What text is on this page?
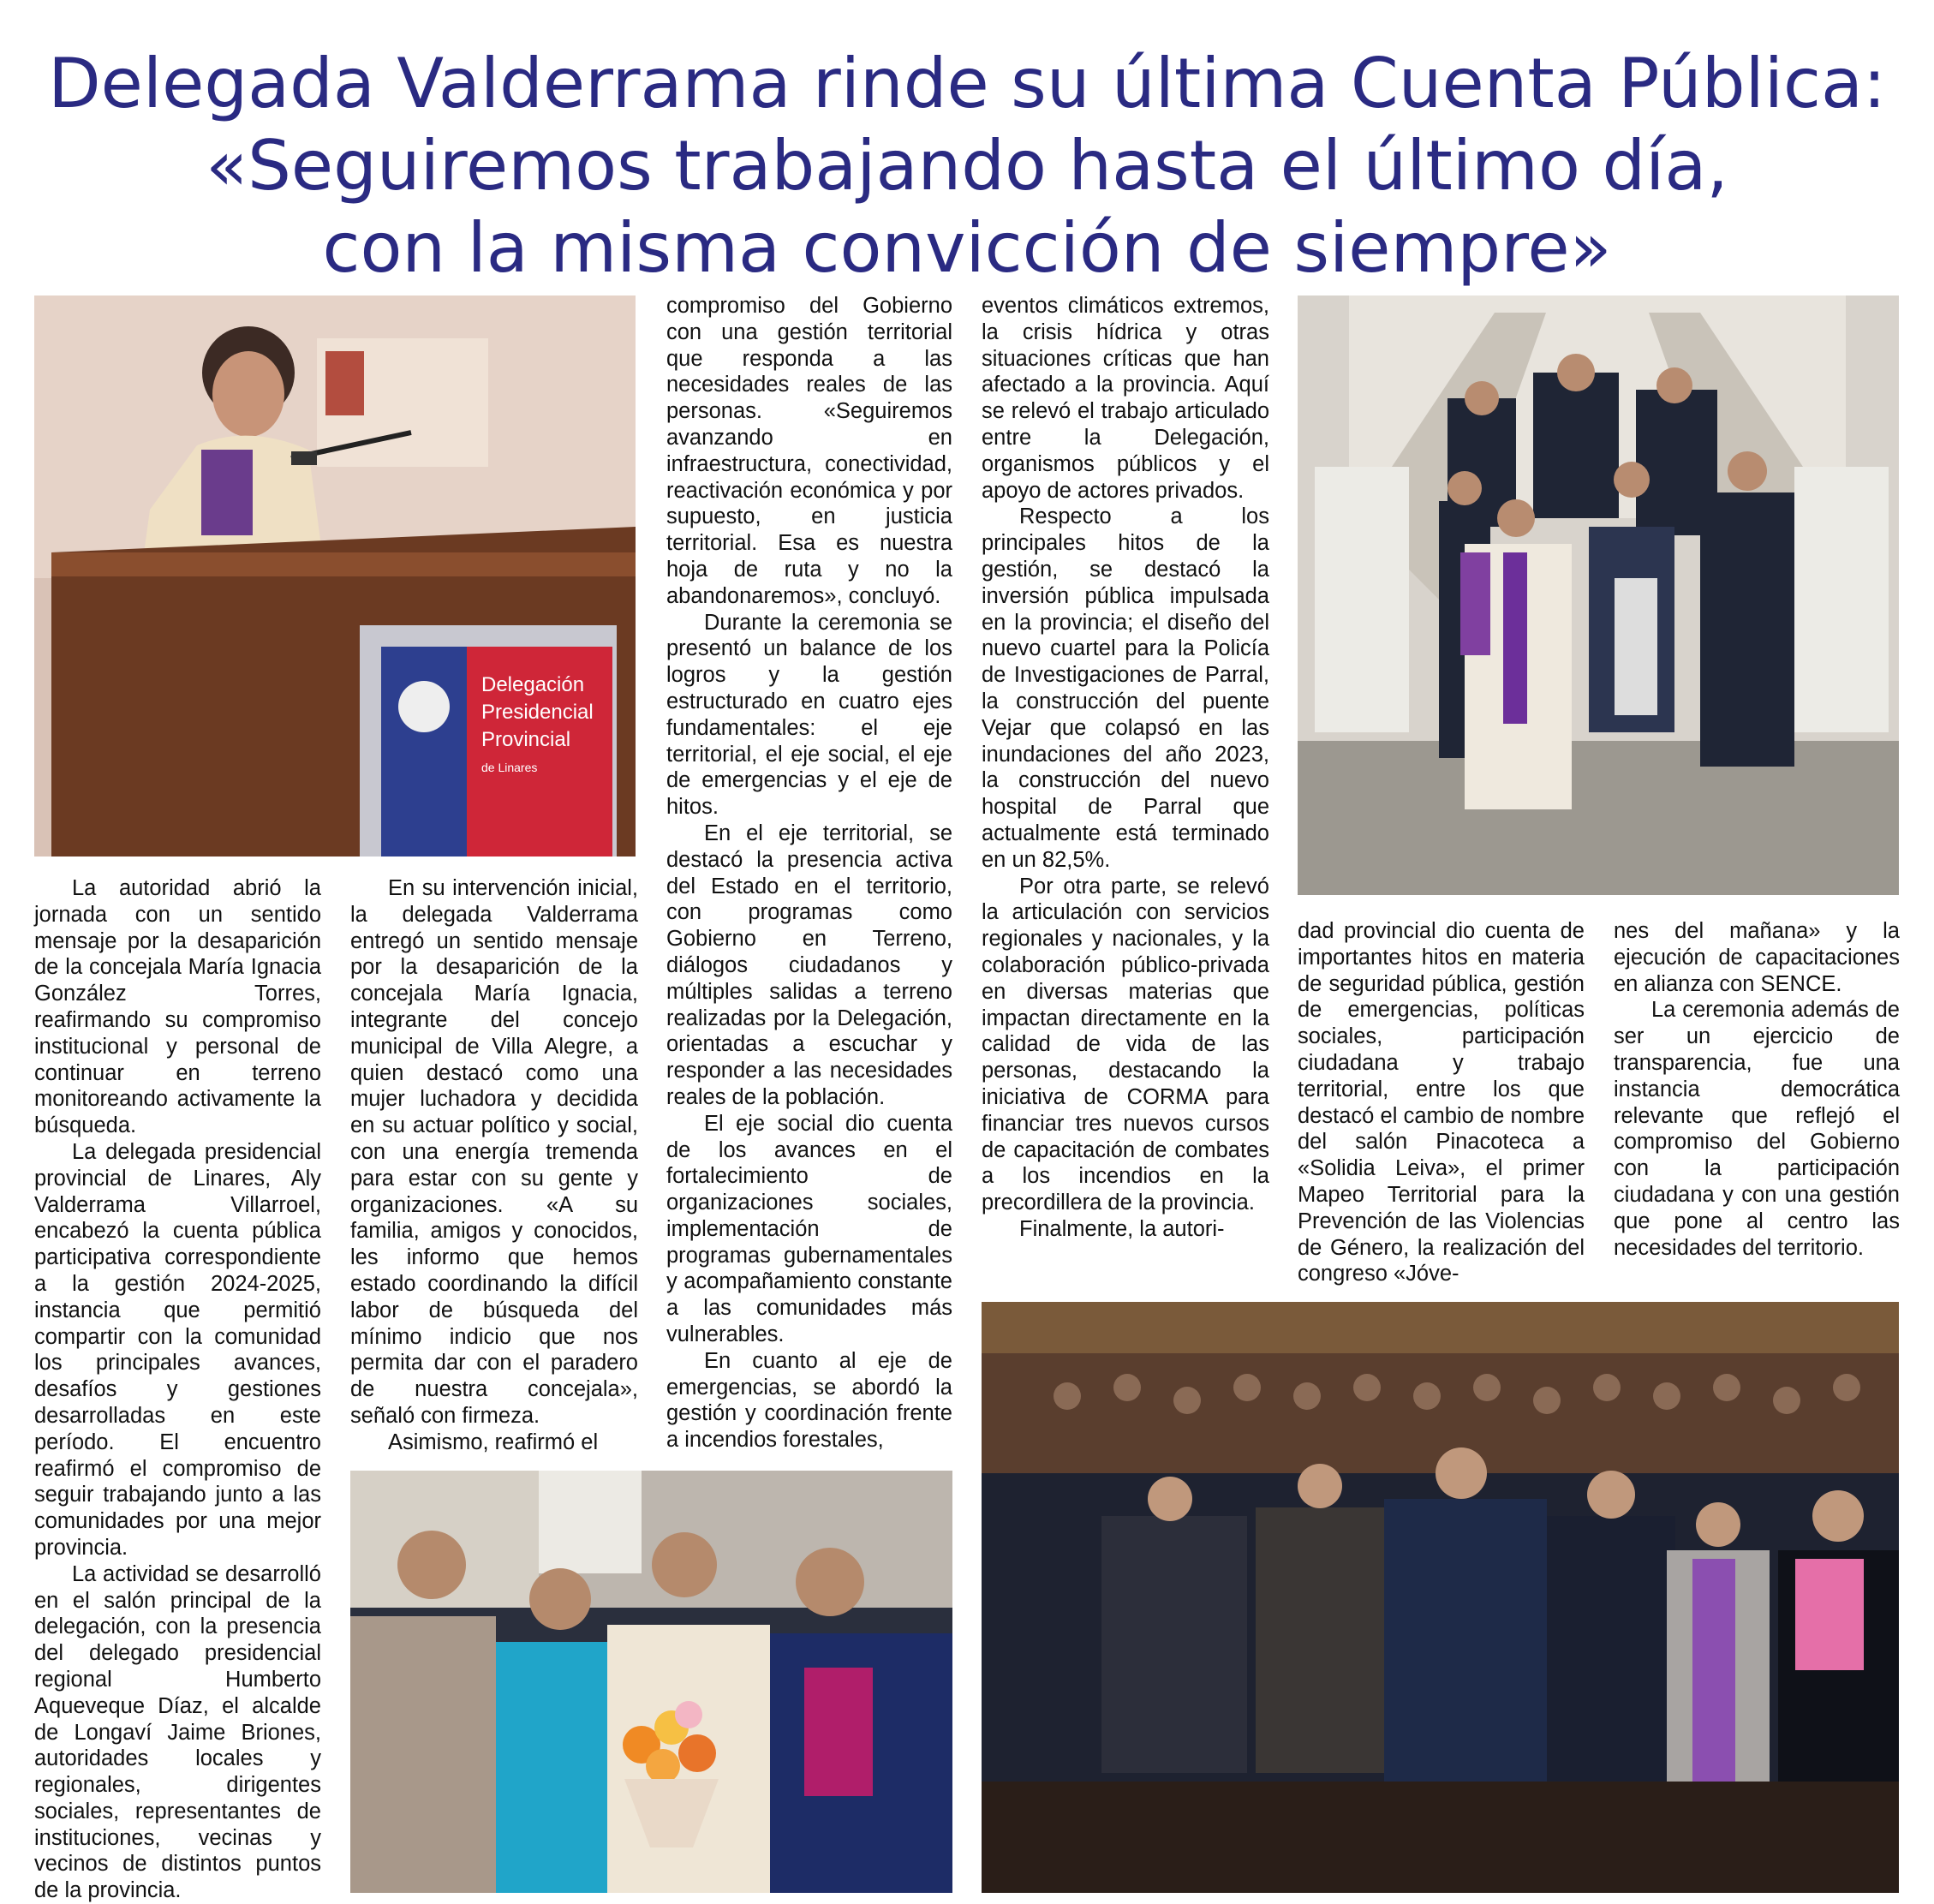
Delegada Valderrama rinde su última Cuenta Pública:
«Seguiremos trabajando hasta el último día,
con la misma convicción de siempre»
Delegación
Presidencial
Provincial
de Linares

La autoridad abrió la jornada con un sentido mensaje por la desaparición de la concejala María Ignacia González Torres, reafirmando su compromiso institucional y personal de continuar en terreno monitoreando activamente la búsqueda.

La delegada presidencial provincial de Linares, Aly Valderrama Villarroel, encabezó la cuenta pública participativa correspondiente a la gestión 2024-2025, instancia que permitió compartir con la comunidad los principales avances, desafíos y gestiones desarrolladas en este período. El encuentro reafirmó el compromiso de seguir trabajando junto a las comunidades por una mejor provincia.

La actividad se desarrolló en el salón principal de la delegación, con la presencia del delegado presidencial regional Humberto Aqueveque Díaz, el alcalde de Longaví Jaime Briones, autoridades locales y regionales, dirigentes sociales, representantes de instituciones, vecinas y vecinos de distintos puntos de la provincia.

En su intervención inicial, la delegada Valderrama entregó un sentido mensaje por la desaparición de la concejala María Ignacia, integrante del concejo municipal de Villa Alegre, a quien destacó como una mujer luchadora y decidida en su actuar político y social, con una energía tremenda para estar con su gente y organizaciones. «A su familia, amigos y conocidos, les informo que hemos estado coordinando la difícil labor de búsqueda del mínimo indicio que nos permita dar con el paradero de nuestra concejala», señaló con firmeza.

Asimismo, reafirmó el

compromiso del Gobierno con una gestión territorial que responda a las necesidades reales de las personas. «Seguiremos avanzando en infraestructura, conectividad, reactivación económica y por supuesto, en justicia territorial. Esa es nuestra hoja de ruta y no la abandonaremos», concluyó.

Durante la ceremonia se presentó un balance de los logros y la gestión estructurado en cuatro ejes fundamentales: el eje territorial, el eje social, el eje de emergencias y el eje de hitos.

En el eje territorial, se destacó la presencia activa del Estado en el territorio, con programas como Gobierno en Terreno, diálogos ciudadanos y múltiples salidas a terreno realizadas por la Delegación, orientadas a escuchar y responder a las necesidades reales de la población.

El eje social dio cuenta de los avances en el fortalecimiento de organizaciones sociales, implementación de programas gubernamentales y acompañamiento constante a las comunidades más vulnerables.

En cuanto al eje de emergencias, se abordó la gestión y coordinación frente a incendios forestales,

eventos climáticos extremos, la crisis hídrica y otras situaciones críticas que han afectado a la provincia. Aquí se relevó el trabajo articulado entre la Delegación, organismos públicos y el apoyo de actores privados.

Respecto a los principales hitos de la gestión, se destacó la inversión pública impulsada en la provincia; el diseño del nuevo cuartel para la Policía de Investigaciones de Parral, la construcción del puente Vejar que colapsó en las inundaciones del año 2023, la construcción del nuevo hospital de Parral que actualmente está terminado en un 82,5%.

Por otra parte, se relevó la articulación con servicios regionales y nacionales, y la colaboración público-privada en diversas materias que impactan directamente en la calidad de vida de las personas, destacando la iniciativa de CORMA para financiar tres nuevos cursos de capacitación de combates a los incendios en la precordillera de la provincia.

Finalmente, la autori-

dad provincial dio cuenta de importantes hitos en materia de seguridad pública, gestión de emergencias, políticas sociales, participación ciudadana y trabajo territorial, entre los que destacó el cambio de nombre del salón Pinacoteca a «Solidia Leiva», el primer Mapeo Territorial para la Prevención de las Violencias de Género, la realización del congreso «Jóve-

nes del mañana» y la ejecución de capacitaciones en alianza con SENCE.

La ceremonia además de ser un ejercicio de transparencia, fue una instancia democrática relevante que reflejó el compromiso del Gobierno con la participación ciudadana y con una gestión que pone al centro las necesidades del territorio.
